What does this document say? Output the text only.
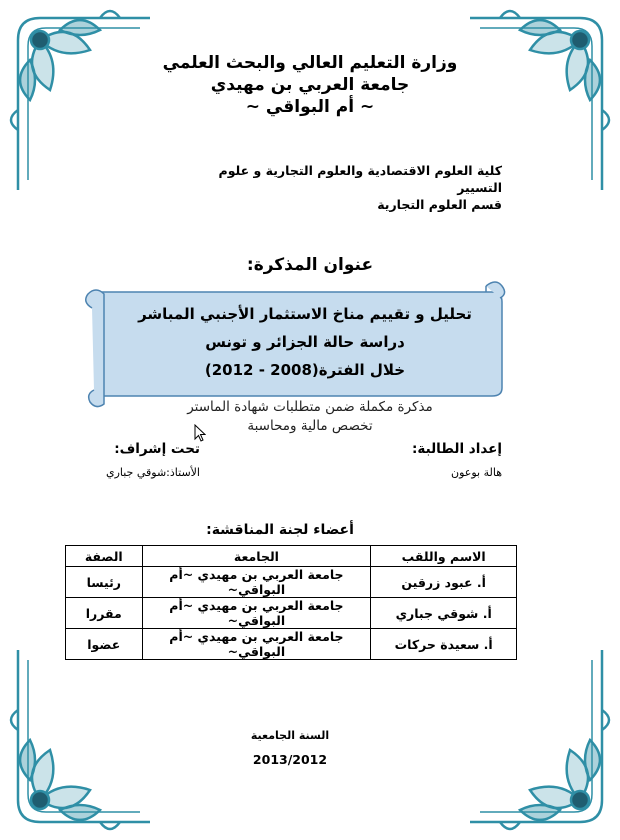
وزارة التعليم العالي والبحث العلمي
جامعة العربي بن مهيدي
~ أم البواقي ~
كلية العلوم الاقتصادية والعلوم التجارية و علوم التسيير
قسم العلوم التجارية
عنوان المذكرة:
تحليل و تقييم مناخ الاستثمار الأجنبي المباشر
دراسة حالة الجزائر و تونس
خلال الفترة(2008 - 2012)
مذكرة مكملة ضمن متطلبات شهادة الماستر
تخصص مالية ومحاسبة
إعداد الطالبة:
تحت إشراف:
هالة بوعون
الأستاذ:شوقي جباري
أعضاء لجنة المناقشة:
الاسم واللقب	الجامعة	الصفة
أ. عبود زرقين	جامعة العربي بن مهيدي ~أم البواقي~	رئيسا
أ. شوقي جباري	جامعة العربي بن مهيدي ~أم البواقي~	مقررا
أ. سعيدة حركات	جامعة العربي بن مهيدي ~أم البواقي~	عضوا
السنة الجامعية
2013/2012
